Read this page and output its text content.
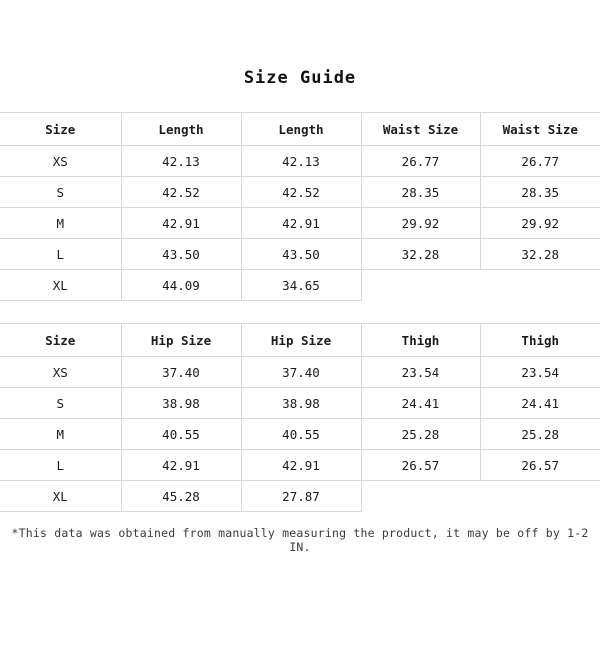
Size Guide
Size	Length	Length	Waist Size	Waist Size
XS	42.13	42.13	26.77	26.77
S	42.52	42.52	28.35	28.35
M	42.91	42.91	29.92	29.92
L	43.50	43.50	32.28	32.28
XL	44.09	34.65		
Size	Hip Size	Hip Size	Thigh	Thigh
XS	37.40	37.40	23.54	23.54
S	38.98	38.98	24.41	24.41
M	40.55	40.55	25.28	25.28
L	42.91	42.91	26.57	26.57
XL	45.28	27.87		
*This data was obtained from manually measuring the product, it may be off by 1-2 IN.
